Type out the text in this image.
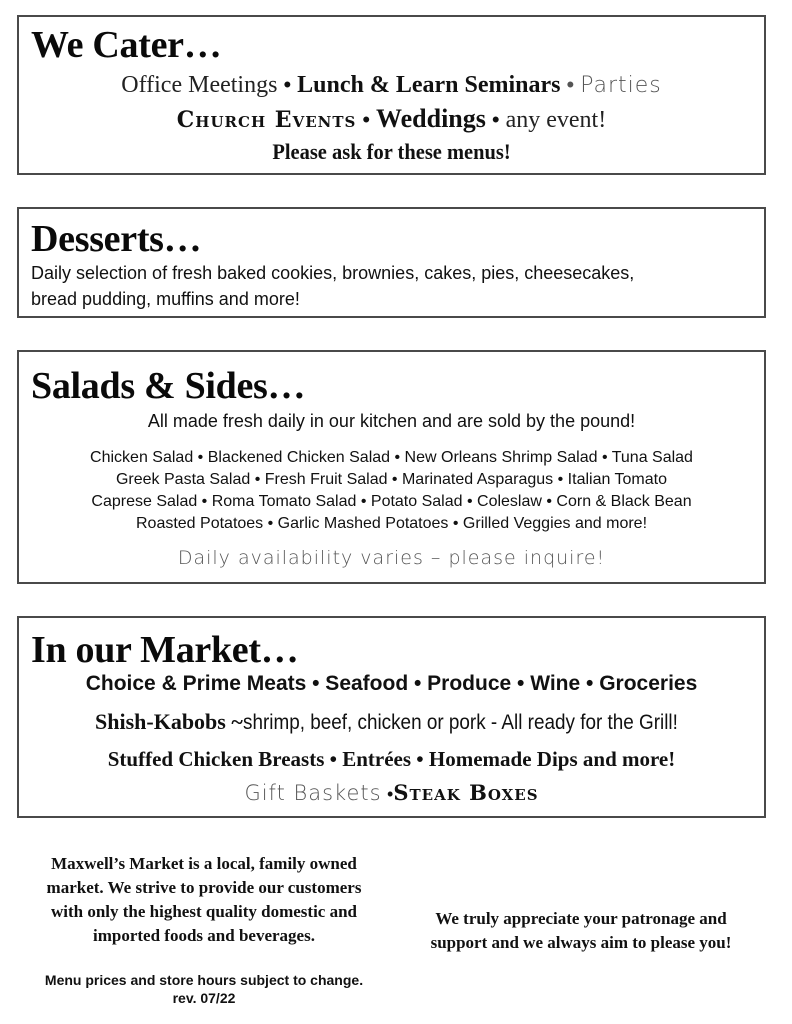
We Cater…
Office Meetings • Lunch & Learn Seminars • Parties
Church Events • Weddings • any event!
Please ask for these menus!
Desserts…
Daily selection of fresh baked cookies, brownies, cakes, pies, cheesecakes,
bread pudding, muffins and more!
Salads & Sides…
All made fresh daily in our kitchen and are sold by the pound!
Chicken Salad • Blackened Chicken Salad • New Orleans Shrimp Salad • Tuna Salad
Greek Pasta Salad • Fresh Fruit Salad • Marinated Asparagus • Italian Tomato
Caprese Salad • Roma Tomato Salad • Potato Salad • Coleslaw • Corn & Black Bean
Roasted Potatoes • Garlic Mashed Potatoes • Grilled Veggies and more!
Daily availability varies – please inquire!
In our Market…
Choice & Prime Meats • Seafood • Produce • Wine • Groceries
Shish-Kabobs ~shrimp, beef, chicken or pork - All ready for the Grill!
Stuffed Chicken Breasts • Entrées • Homemade Dips and more!
Gift Baskets •Steak Boxes
Maxwell’s Market is a local, family owned
market. We strive to provide our customers
with only the highest quality domestic and
imported foods and beverages.
Menu prices and store hours subject to change.
rev. 07/22
We truly appreciate your patronage and
support and we always aim to please you!
